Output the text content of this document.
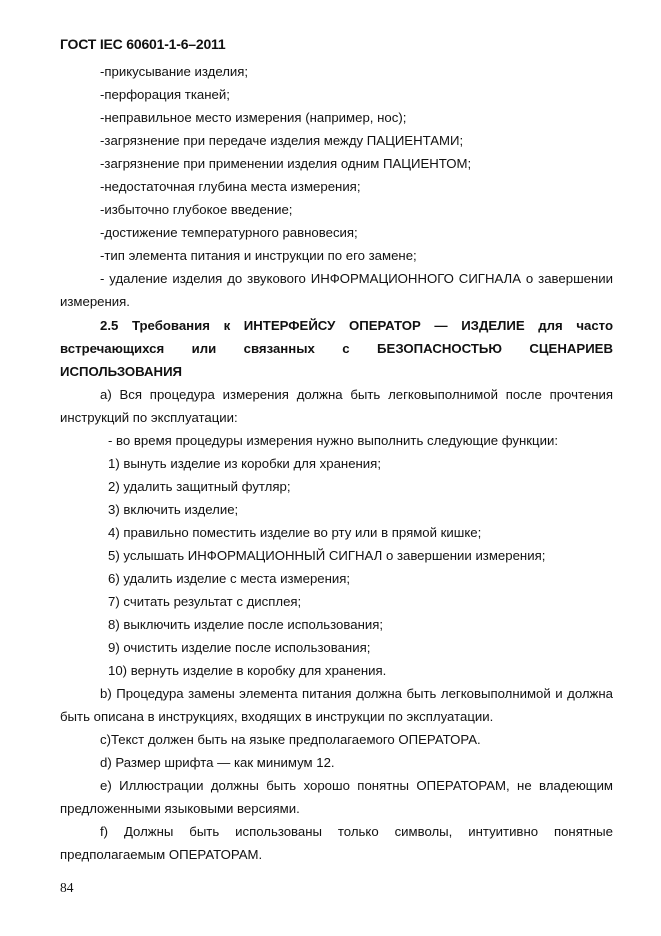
ГОСТ IEC 60601-1-6–2011
-прикусывание изделия;
-перфорация тканей;
-неправильное место измерения (например, нос);
-загрязнение при передаче изделия между ПАЦИЕНТАМИ;
-загрязнение при применении изделия одним ПАЦИЕНТОМ;
-недостаточная глубина места измерения;
-избыточно глубокое введение;
-достижение температурного равновесия;
-тип элемента питания и инструкции по его замене;
- удаление изделия до звукового ИНФОРМАЦИОННОГО СИГНАЛА о завершении
измерения.
2.5 Требования к ИНТЕРФЕЙСУ ОПЕРАТОР — ИЗДЕЛИЕ для часто
встречающихся или связанных с БЕЗОПАСНОСТЬЮ СЦЕНАРИЕВ
ИСПОЛЬЗОВАНИЯ
а) Вся процедура измерения должна быть легковыполнимой после прочтения
инструкций по эксплуатации:
- во время процедуры измерения нужно выполнить следующие функции:
1) вынуть изделие из коробки для хранения;
2) удалить защитный футляр;
3) включить изделие;
4) правильно поместить изделие во рту или в прямой кишке;
5) услышать ИНФОРМАЦИОННЫЙ СИГНАЛ о завершении измерения;
6) удалить изделие с места измерения;
7) считать результат с дисплея;
8) выключить изделие после использования;
9) очистить изделие после использования;
10) вернуть изделие в коробку для хранения.
b) Процедура замены элемента питания должна быть легковыполнимой и должна
быть описана в инструкциях, входящих в инструкции по эксплуатации.
c)Текст должен быть на языке предполагаемого ОПЕРАТОРА.
d) Размер шрифта — как минимум 12.
e) Иллюстрации должны быть хорошо понятны ОПЕРАТОРАМ, не владеющим
предложенными языковыми версиями.
f) Должны быть использованы только символы, интуитивно понятные
предполагаемым ОПЕРАТОРАМ.
84
